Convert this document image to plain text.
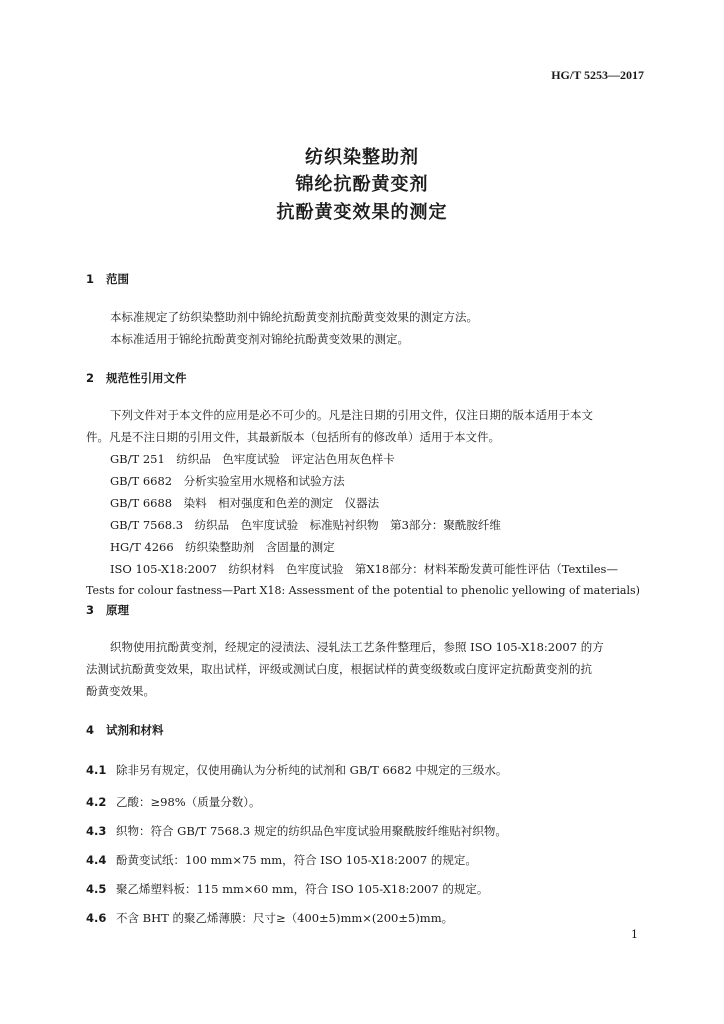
HG/T 5253—2017
纺织染整助剂
锦纶抗酚黄变剂
抗酚黄变效果的测定
1 范围
本标准规定了纺织染整助剂中锦纶抗酚黄变剂抗酚黄变效果的测定方法。
本标准适用于锦纶抗酚黄变剂对锦纶抗酚黄变效果的测定。
2 规范性引用文件
下列文件对于本文件的应用是必不可少的。凡是注日期的引用文件，仅注日期的版本适用于本文
件。凡是不注日期的引用文件，其最新版本（包括所有的修改单）适用于本文件。
GB/T 251　纺织品　色牢度试验　评定沾色用灰色样卡
GB/T 6682　分析实验室用水规格和试验方法
GB/T 6688　染料　相对强度和色差的测定　仪器法
GB/T 7568.3　纺织品　色牢度试验　标准贴衬织物　第3部分：聚酰胺纤维
HG/T 4266　纺织染整助剂　含固量的测定
ISO 105-X18:2007　纺织材料　色牢度试验　第X18部分：材料苯酚发黄可能性评估（Textiles—
Tests for colour fastness—Part X18: Assessment of the potential to phenolic yellowing of materials)
3 原理
织物使用抗酚黄变剂，经规定的浸渍法、浸轧法工艺条件整理后，参照 ISO 105-X18:2007 的方
法测试抗酚黄变效果，取出试样，评级或测试白度，根据试样的黄变级数或白度评定抗酚黄变剂的抗
酚黄变效果。
4 试剂和材料
4.1 除非另有规定，仅使用确认为分析纯的试剂和 GB/T 6682 中规定的三级水。
4.2 乙酸：≥98%（质量分数）。
4.3 织物：符合 GB/T 7568.3 规定的纺织品色牢度试验用聚酰胺纤维贴衬织物。
4.4 酚黄变试纸：100 mm×75 mm，符合 ISO 105-X18:2007 的规定。
4.5 聚乙烯塑料板：115 mm×60 mm，符合 ISO 105-X18:2007 的规定。
4.6 不含 BHT 的聚乙烯薄膜：尺寸≥（400±5)mm×(200±5)mm。
1
